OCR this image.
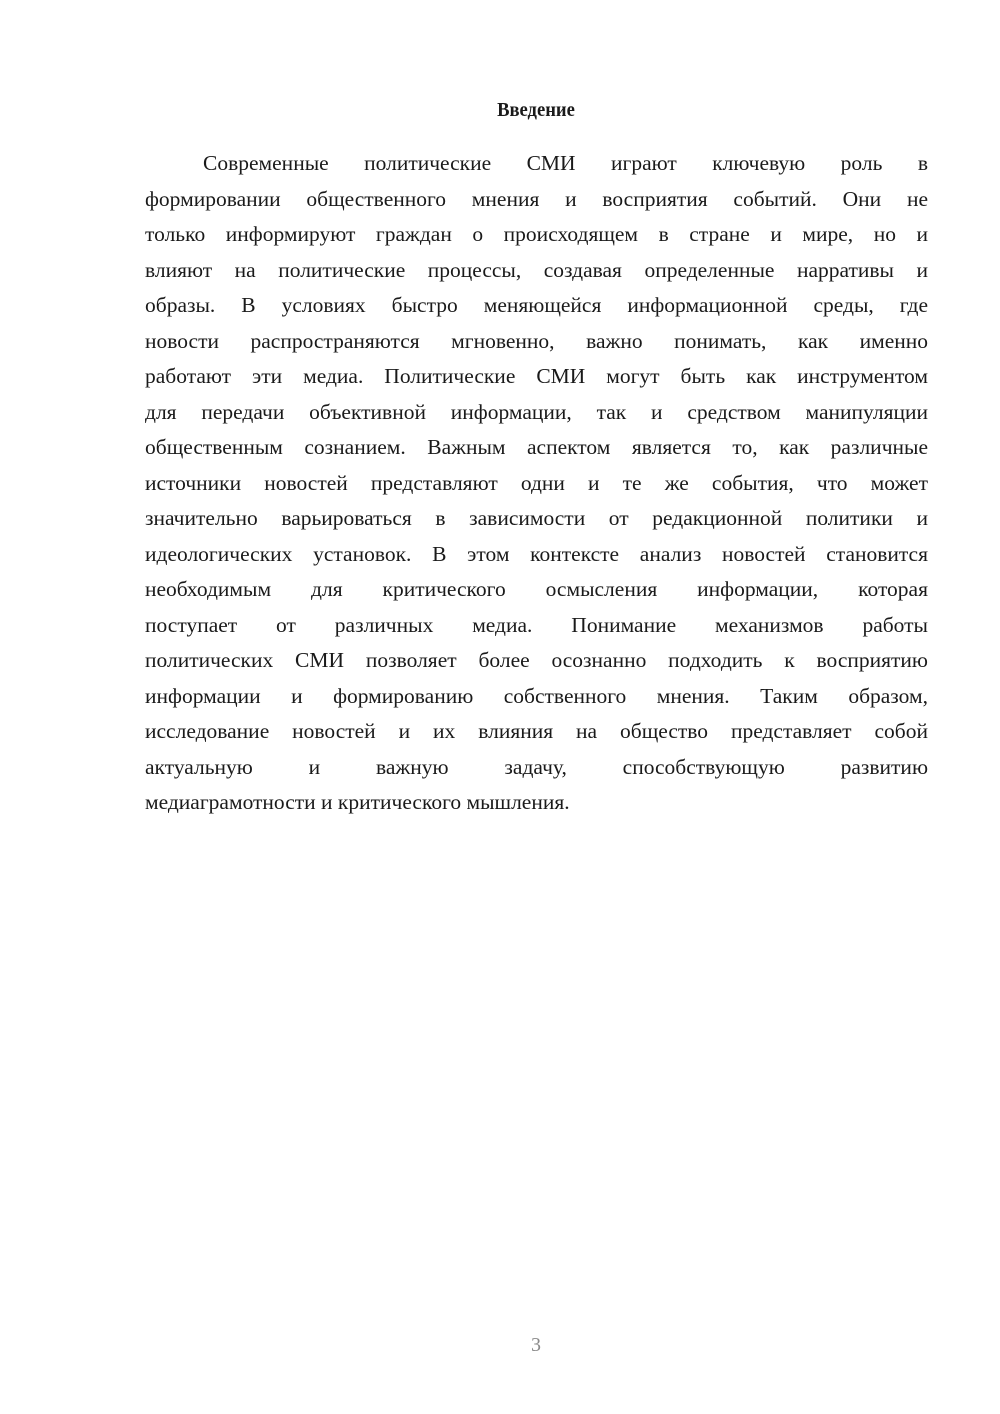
Введение
Современные политические СМИ играют ключевую роль в
формировании общественного мнения и восприятия событий. Они не
только информируют граждан о происходящем в стране и мире, но и
влияют на политические процессы, создавая определенные нарративы и
образы. В условиях быстро меняющейся информационной среды, где
новости распространяются мгновенно, важно понимать, как именно
работают эти медиа. Политические СМИ могут быть как инструментом
для передачи объективной информации, так и средством манипуляции
общественным сознанием. Важным аспектом является то, как различные
источники новостей представляют одни и те же события, что может
значительно варьироваться в зависимости от редакционной политики и
идеологических установок. В этом контексте анализ новостей становится
необходимым для критического осмысления информации, которая
поступает от различных медиа. Понимание механизмов работы
политических СМИ позволяет более осознанно подходить к восприятию
информации и формированию собственного мнения. Таким образом,
исследование новостей и их влияния на общество представляет собой
актуальную и важную задачу, способствующую развитию
медиаграмотности и критического мышления.
3
